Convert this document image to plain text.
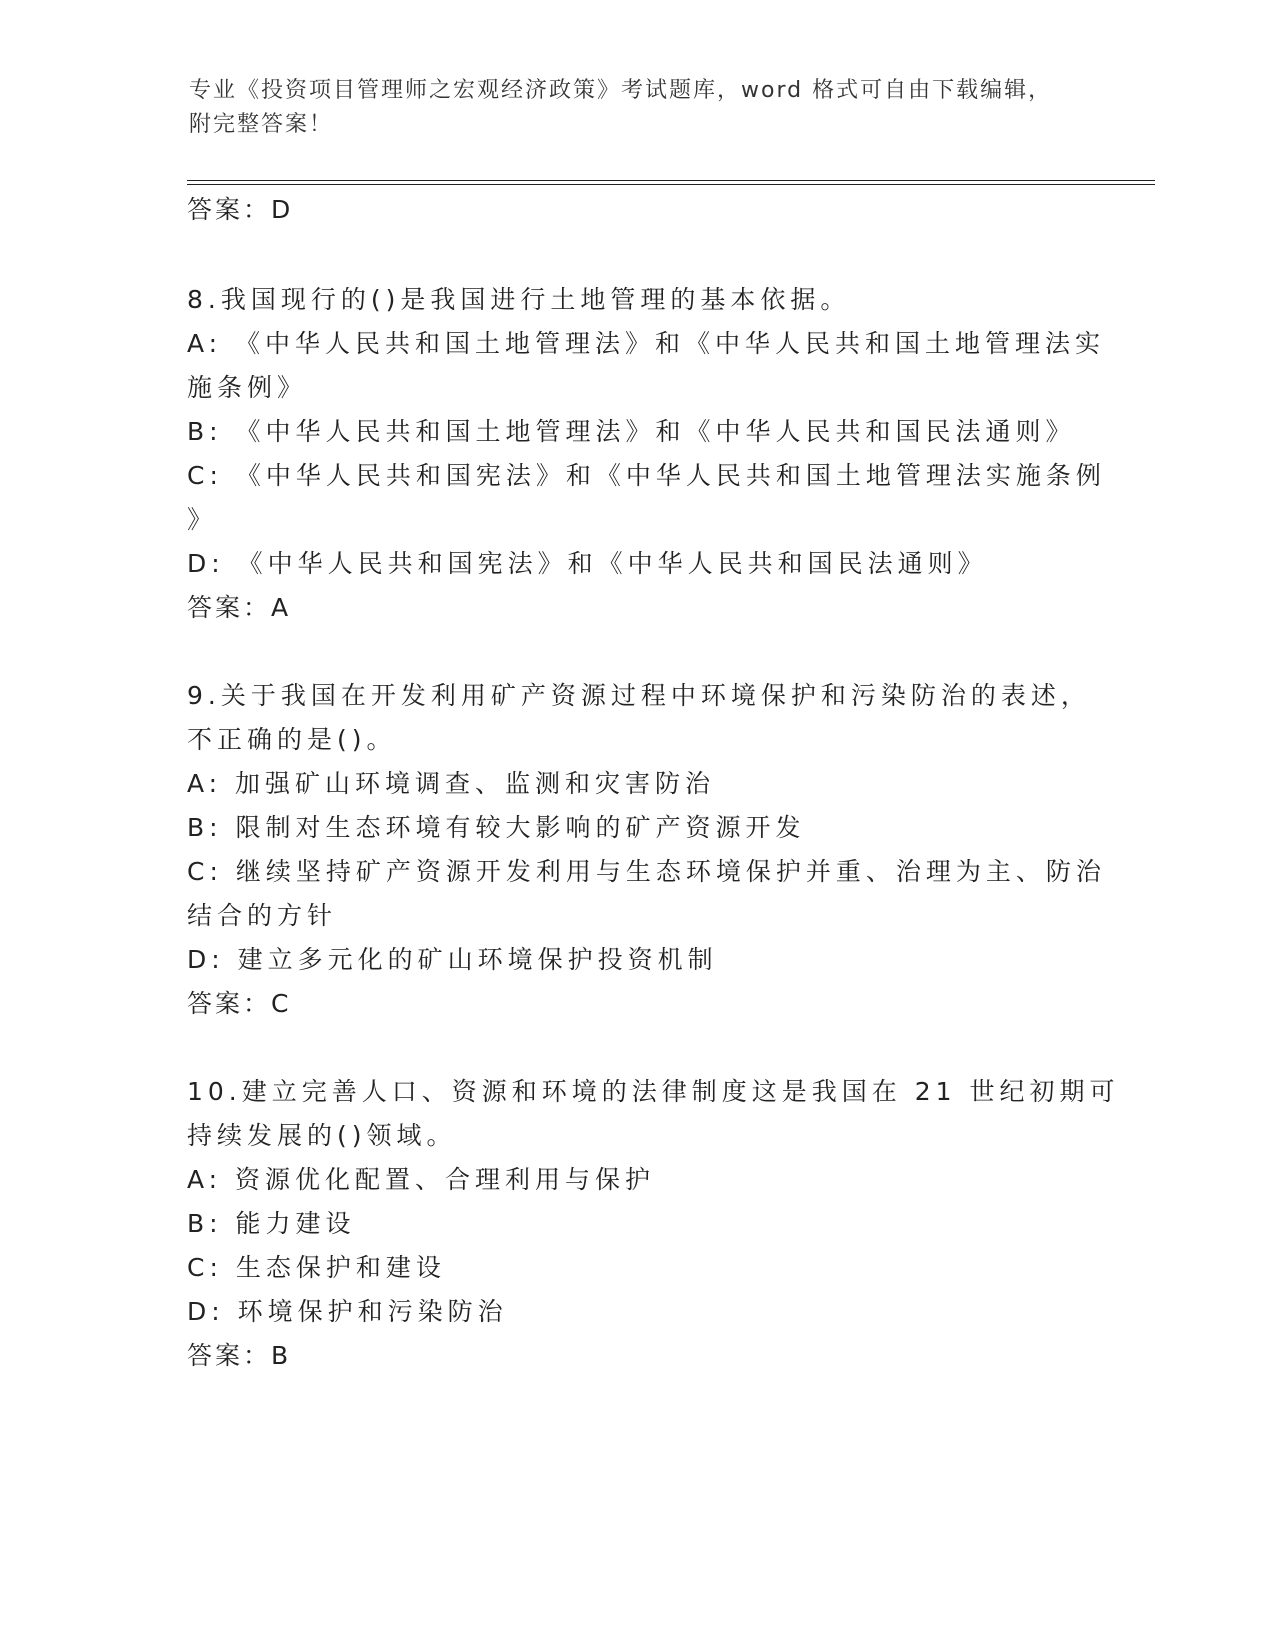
专业《投资项目管理师之宏观经济政策》考试题库，word 格式可自由下载编辑，
附完整答案！
答案：D
8.我国现行的()是我国进行土地管理的基本依据。
A: 《中华人民共和国土地管理法》和《中华人民共和国土地管理法实
施条例》
B: 《中华人民共和国土地管理法》和《中华人民共和国民法通则》
C: 《中华人民共和国宪法》和《中华人民共和国土地管理法实施条例
》
D: 《中华人民共和国宪法》和《中华人民共和国民法通则》
答案：A
9.关于我国在开发利用矿产资源过程中环境保护和污染防治的表述，
不正确的是()。
A: 加强矿山环境调查、监测和灾害防治
B: 限制对生态环境有较大影响的矿产资源开发
C: 继续坚持矿产资源开发利用与生态环境保护并重、治理为主、防治
结合的方针
D: 建立多元化的矿山环境保护投资机制
答案：C
10.建立完善人口、资源和环境的法律制度这是我国在 21 世纪初期可
持续发展的()领域。
A: 资源优化配置、合理利用与保护
B: 能力建设
C: 生态保护和建设
D: 环境保护和污染防治
答案：B
